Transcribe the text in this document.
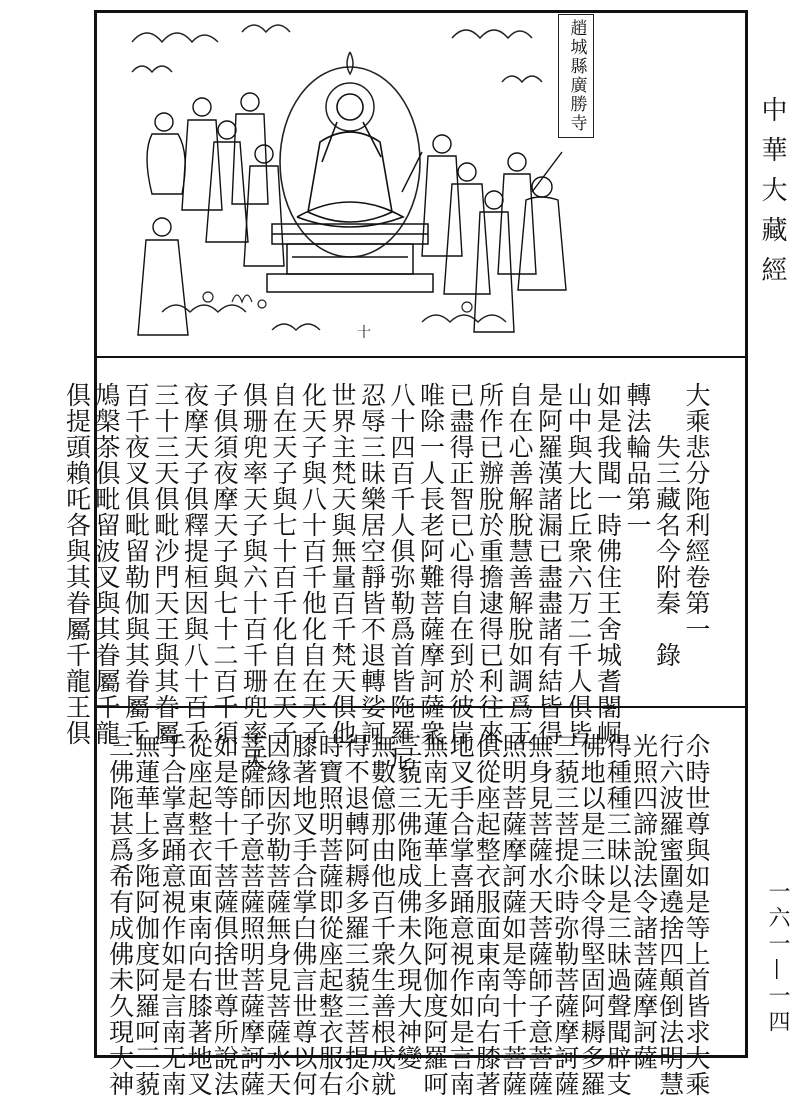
十
趙城縣廣勝寺
大乘悲分陁利經卷第一
　　失三藏名今附秦　錄
轉法輪品第一
如是我聞一時佛住王舍城耆闍崛
山中與大比丘衆六万二千人俱皆
是阿羅漢諸漏已盡盡諸有結皆得
自在心善解脫慧善解脫如調爲王
所作已辦脫於重擔逮得已利往來
已盡得正智已心得自在到於彼岸
唯除一人長老阿難菩薩摩訶薩衆
八十四百千人俱弥勒爲首皆陁羅尼
忍辱三昧樂居空靜皆不退轉娑訶
世界主梵天與無量百千梵天俱他
化天子與八十百千他化自在天子
自在天子與七十百千化自在天子
俱珊兜率天子與六十百千珊兜率天
子俱須夜摩天子與七十二百千須
夜摩天子俱釋提桓因與八十百千
三十三天俱毗沙門天王與其眷屬
百千夜叉俱毗留勒伽與其眷屬千
鳩槃茶俱毗留波叉與其眷屬千龍
俱提頭賴吒各與其眷屬千龍王俱
尒時世尊與如是等上首皆求大乘
行六波羅蜜圍遶捨四顛倒法明慧
光照四諦說法令諸菩薩摩訶薩
得種種三昧以是三昧過聲聞辟支
佛地以是三昧令得堅固阿耨多羅
三藐三菩提尒時弥勒菩薩摩訶薩
無身見菩薩水天菩薩師子意菩薩
照明菩薩摩訶薩如是等十千菩薩
俱從座起整衣服面東南向右膝著
地叉手合掌喜踊意視作如是言南
無南无蓮華上多陁阿伽度阿羅呵
三藐三佛陁成佛未久現大神變
無數億那由他百千衆生善根成就
得不退轉阿耨多羅三藐三菩提尒
時寶照明菩薩即從座起整衣服右
膝著地叉手合掌白佛言世尊以何
因緣因弥勒菩薩無身見菩薩水天
菩薩師子意菩薩照明菩薩摩訶薩
如是等十千菩薩俱捨世尊所說法
從座起整衣面東南向右膝著地叉
手合掌喜踊意視作如是言南无南
無蓮華上多陁阿伽度阿羅呵三藐
三佛陁甚爲希有成佛未久現大神
中華大藏經
一六一—一四
